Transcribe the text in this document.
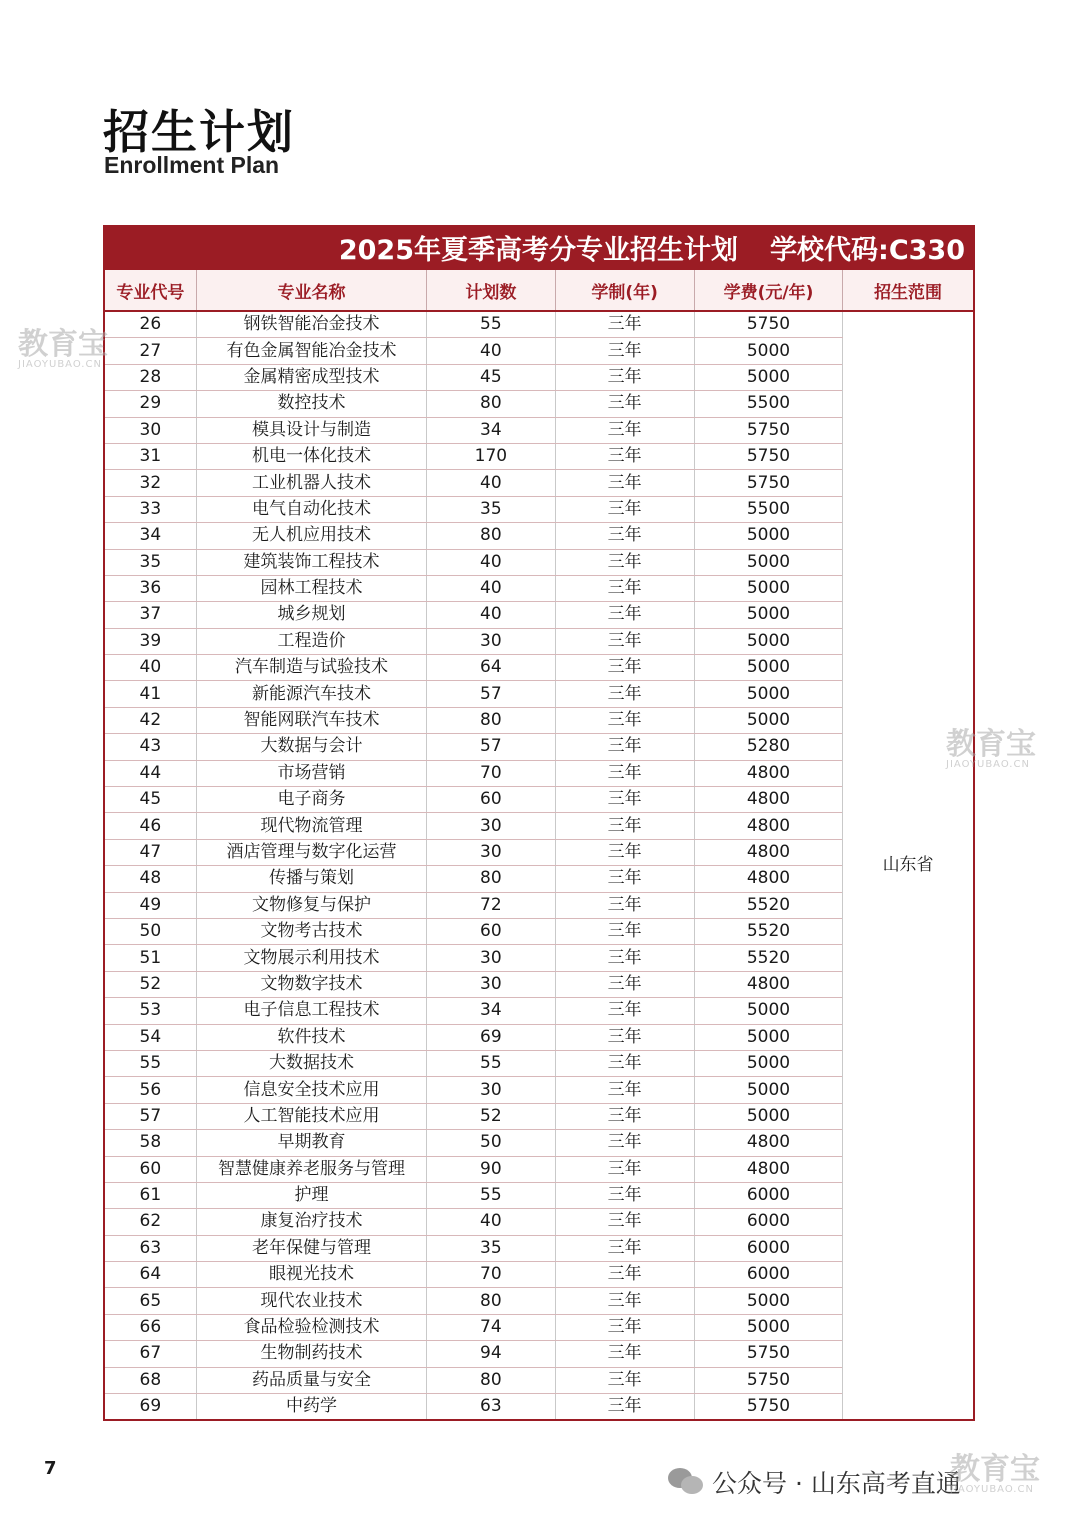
招生计划
Enrollment Plan
2025年夏季高考分专业招生计划 学校代码:C330
专业代号	专业名称	计划数	学制(年)	学费(元/年)	招生范围
26	钢铁智能冶金技术	55	三年	5750	山东省
27	有色金属智能冶金技术	40	三年	5000	
28	金属精密成型技术	45	三年	5000	
29	数控技术	80	三年	5500	
30	模具设计与制造	34	三年	5750	
31	机电一体化技术	170	三年	5750	
32	工业机器人技术	40	三年	5750	
33	电气自动化技术	35	三年	5500	
34	无人机应用技术	80	三年	5000	
35	建筑装饰工程技术	40	三年	5000	
36	园林工程技术	40	三年	5000	
37	城乡规划	40	三年	5000	
39	工程造价	30	三年	5000	
40	汽车制造与试验技术	64	三年	5000	
41	新能源汽车技术	57	三年	5000	
42	智能网联汽车技术	80	三年	5000	
43	大数据与会计	57	三年	5280	
44	市场营销	70	三年	4800	
45	电子商务	60	三年	4800	
46	现代物流管理	30	三年	4800	
47	酒店管理与数字化运营	30	三年	4800	
48	传播与策划	80	三年	4800	
49	文物修复与保护	72	三年	5520	
50	文物考古技术	60	三年	5520	
51	文物展示利用技术	30	三年	5520	
52	文物数字技术	30	三年	4800	
53	电子信息工程技术	34	三年	5000	
54	软件技术	69	三年	5000	
55	大数据技术	55	三年	5000	
56	信息安全技术应用	30	三年	5000	
57	人工智能技术应用	52	三年	5000	
58	早期教育	50	三年	4800	
60	智慧健康养老服务与管理	90	三年	4800	
61	护理	55	三年	6000	
62	康复治疗技术	40	三年	6000	
63	老年保健与管理	35	三年	6000	
64	眼视光技术	70	三年	6000	
65	现代农业技术	80	三年	5000	
66	食品检验检测技术	74	三年	5000	
67	生物制药技术	94	三年	5750	
68	药品质量与安全	80	三年	5750	
69	中药学	63	三年	5750	
7
公众号 · 山东高考直通
教育宝
JIAOYUBAO.CN
教育宝
JIAOYUBAO.CN
教育宝
JIAOYUBAO.CN
